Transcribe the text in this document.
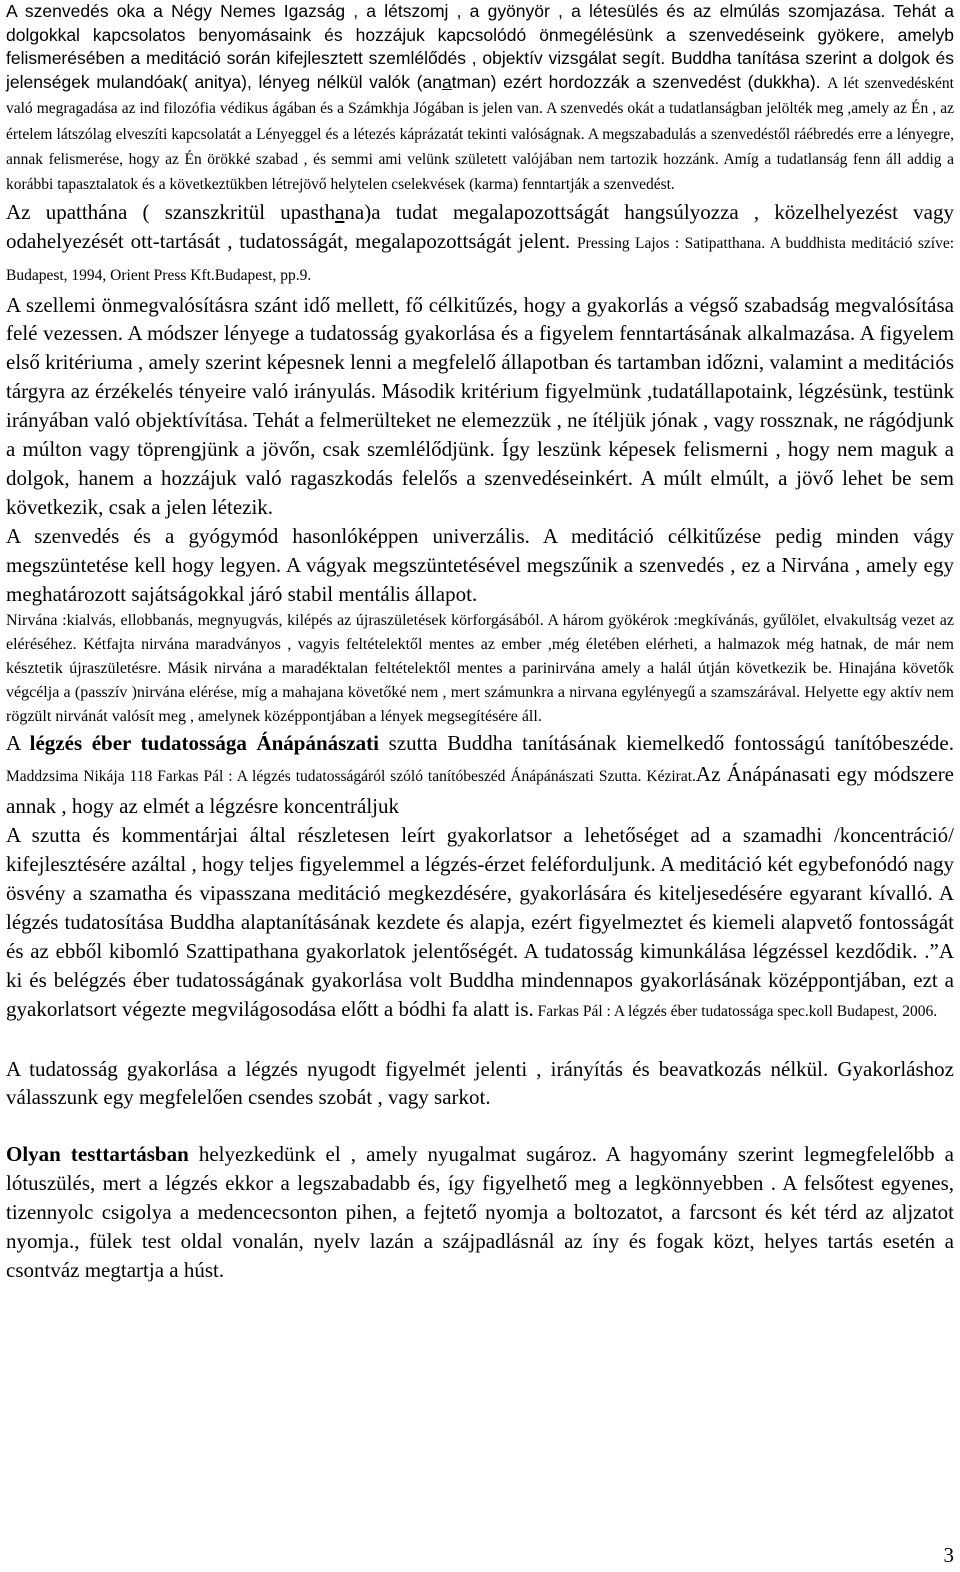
A szenvedés oka a Négy Nemes Igazság , a létszomj , a gyönyör , a létesülés és az elmúlás szomjazása. Tehát a dolgokkal kapcsolatos benyomásaink és hozzájuk kapcsolódó önmegélésünk a szenvedéseink gyökere, amelyb felismerésében a meditáció során kifejlesztett szemlélődés , objektív vizsgálat segít. Buddha tanítása szerint a dolgok és jelenségek mulandóak( anitya), lényeg nélkül valók (anatman) ezért hordozzák a szenvedést (dukkha). A lét szenvedésként való megragadása az ind filozófia védikus ágában és a Számkhja Jógában is jelen van. A szenvedés okát a tudatlanságban jelölték meg ,amely az Én , az értelem látszólag elveszíti kapcsolatát a Lényeggel és a létezés káprázatát tekinti valóságnak. A megszabadulás a szenvedéstől ráébredés erre a lényegre, annak felismerése, hogy az Én örökké szabad , és semmi ami velünk született valójában nem tartozik hozzánk. Amíg a tudatlanság fenn áll addig a korábbi tapasztalatok és a következtükben létrejövő helytelen cselekvések (karma) fenntartják a szenvedést.

Az upatthána ( szanszkritül upasthana)a tudat megalapozottságát hangsúlyozza , közelhelyezést vagy odahelyezését ott-tartását , tudatosságát, megalapozottságát jelent. Pressing Lajos : Satipatthana. A buddhista meditáció szíve: Budapest, 1994, Orient Press Kft.Budapest, pp.9.

A szellemi önmegvalósításra szánt idő mellett, fő célkitűzés, hogy a gyakorlás a végső szabadság megvalósítása felé vezessen. A módszer lényege a tudatosság gyakorlása és a figyelem fenntartásának alkalmazása. A figyelem első kritériuma , amely szerint képesnek lenni a megfelelő állapotban és tartamban időzni, valamint a meditációs tárgyra az érzékelés tényeire való irányulás. Második kritérium figyelmünk ,tudatállapotaink, légzésünk, testünk irányában való objektívítása. Tehát a felmerülteket ne elemezzük , ne ítéljük jónak , vagy rossznak, ne rágódjunk a múlton vagy töprengjünk a jövőn, csak szemlélődjünk. Így leszünk képesek felismerni , hogy nem maguk a dolgok, hanem a hozzájuk való ragaszkodás felelős a szenvedéseinkért. A múlt elmúlt, a jövő lehet be sem következik, csak a jelen létezik.

A szenvedés és a gyógymód hasonlóképpen univerzális. A meditáció célkitűzése pedig minden vágy megszüntetése kell hogy legyen. A vágyak megszüntetésével megszűnik a szenvedés , ez a Nirvána , amely egy meghatározott sajátságokkal járó stabil mentális állapot.

Nirvána :kialvás, ellobbanás, megnyugvás, kilépés az újraszületések körforgásából. A három gyökérok :megkívánás, gyűlölet, elvakultság vezet az eléréséhez. Kétfajta nirvána maradványos , vagyis feltételektől mentes az ember ,még életében elérheti, a halmazok még hatnak, de már nem késztetik újraszületésre. Másik nirvána a maradéktalan feltételektől mentes a parinirvána amely a halál útján következik be. Hinajána követők végcélja a (passzív )nirvána elérése, míg a mahajana követőké nem , mert számunkra a nirvana egylényegű a szamszárával. Helyette egy aktív nem rögzült nirvánát valósít meg , amelynek középpontjában a lények megsegítésére áll.

A légzés éber tudatossága Ánápánászati szutta Buddha tanításának kiemelkedő fontosságú tanítóbeszéde. Maddzsima Nikája 118 Farkas Pál : A légzés tudatosságáról szóló tanítóbeszéd Ánápánászati Szutta. Kézirat.Az Ánápánasati egy módszere annak , hogy az elmét a légzésre koncentráljuk

A szutta és kommentárjai által részletesen leírt gyakorlatsor a lehetőséget ad a szamadhi /koncentráció/ kifejlesztésére azáltal , hogy teljes figyelemmel a légzés-érzet feléforduljunk. A meditáció két egybefonódó nagy ösvény a szamatha és vipasszana meditáció megkezdésére, gyakorlására és kiteljesedésére egyarant kívalló. A légzés tudatosítása Buddha alaptanításának kezdete és alapja, ezért figyelmeztet és kiemeli alapvető fontosságát és az ebből kibomló Szattipathana gyakorlatok jelentőségét. A tudatosság kimunkálása légzéssel kezdődik. .”A ki és belégzés éber tudatosságának gyakorlása volt Buddha mindennapos gyakorlásának középpontjában, ezt a gyakorlatsort végezte megvilágosodása előtt a bódhi fa alatt is. Farkas Pál : A légzés éber tudatossága spec.koll Budapest, 2006.

A tudatosság gyakorlása a légzés nyugodt figyelmét jelenti , irányítás és beavatkozás nélkül. Gyakorláshoz válasszunk egy megfelelően csendes szobát , vagy sarkot.

Olyan testtartásban helyezkedünk el , amely nyugalmat sugároz. A hagyomány szerint legmegfelelőbb a lótuszülés, mert a légzés ekkor a legszabadabb és, így figyelhető meg a legkönnyebben . A felsőtest egyenes, tizennyolc csigolya a medencecsonton pihen, a fejtető nyomja a boltozatot, a farcsont és két térd az aljzatot nyomja., fülek test oldal vonalán, nyelv lazán a szájpadlásnál az íny és fogak közt, helyes tartás esetén a csontváz megtartja a húst.

3
